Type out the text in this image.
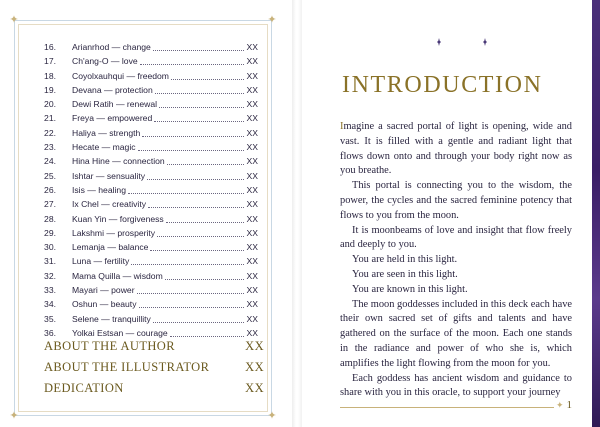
✦	✦
✦	✦
16. Arianrhod — change	XX
17. Ch'ang-O — love	XX
18. Coyolxauhqui — freedom	XX
19. Devana — protection	XX
20. Dewi Ratih — renewal	XX
21. Freya — empowered	XX
22. Haliya — strength	XX
23. Hecate — magic	XX
24. Hina Hine — connection	XX
25. Ishtar — sensuality	XX
26. Isis — healing	XX
27. Ix Chel — creativity	XX
28. Kuan Yin — forgiveness	XX
29. Lakshmi — prosperity	XX
30. Lemanja — balance	XX
31. Luna — fertility	XX
32. Mama Quilla — wisdom	XX
33. Mayari — power	XX
34. Oshun — beauty	XX
35. Selene — tranquillity	XX
36. Yolkai Estsan — courage	XX
ABOUT THE AUTHOR	XX
ABOUT THE ILLUSTRATOR	XX
DEDICATION	XX
INTRODUCTION

Imagine a sacred portal of light is opening, wide and vast. It is filled with a gentle and radiant light that flows down onto and through your body right now as you breathe.

This portal is connecting you to the wisdom, the power, the cycles and the sacred feminine potency that flows to you from the moon.

It is moonbeams of love and insight that flow freely and deeply to you.

You are held in this light.

You are seen in this light.

You are known in this light.

The moon goddesses included in this deck each have their own sacred set of gifts and talents and have gathered on the surface of the moon. Each one stands in the radiance and power of who she is, which amplifies the light flowing from the moon for you.

Each goddess has ancient wisdom and guidance to share with you in this oracle, to support your journey

✦ 1
